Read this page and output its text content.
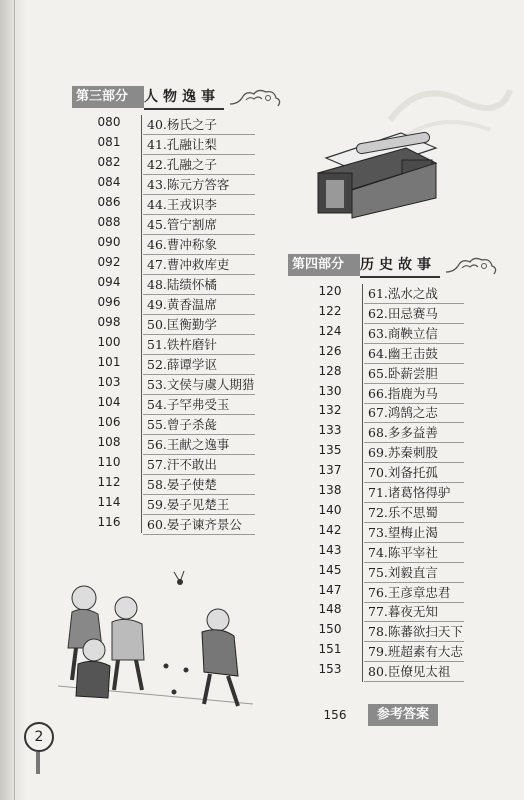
第三部分	人物逸事
080	40.杨氏之子
081	41.孔融让梨
082	42.孔融之子
084	43.陈元方答客
086	44.王戎识李
088	45.管宁割席
090	46.曹冲称象
092	47.曹冲救库吏
094	48.陆绩怀橘
096	49.黄香温席
098	50.匡衡勤学
100	51.铁杵磨针
101	52.薛谭学讴
103	53.文侯与虞人期猎
104	54.子罕弗受玉
106	55.曾子杀彘
108	56.王献之逸事
110	57.汗不敢出
112	58.晏子使楚
114	59.晏子见楚王
116	60.晏子谏齐景公
第四部分	历史故事
120	61.泓水之战
122	62.田忌赛马
124	63.商鞅立信
126	64.幽王击鼓
128	65.卧薪尝胆
130	66.指鹿为马
132	67.鸿鹄之志
133	68.多多益善
135	69.苏秦刺股
137	70.刘备托孤
138	71.诸葛恪得驴
140	72.乐不思蜀
142	73.望梅止渴
143	74.陈平宰社
145	75.刘毅直言
147	76.王彦章忠君
148	77.暮夜无知
150	78.陈蕃欲扫天下
151	79.班超素有大志
153	80.臣僚见太祖
156	参考答案
2
